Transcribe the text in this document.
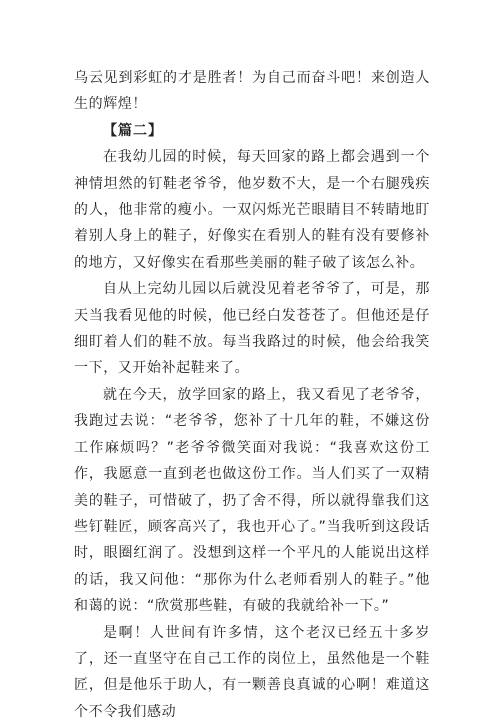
乌云见到彩虹的才是胜者！为自己而奋斗吧！来创造人生的辉煌！

【篇二】

在我幼儿园的时候，每天回家的路上都会遇到一个神情坦然的钉鞋老爷爷，他岁数不大，是一个右腿残疾的人，他非常的瘦小。一双闪烁光芒眼睛目不转睛地盯着别人身上的鞋子，好像实在看别人的鞋有没有要修补的地方，又好像实在看那些美丽的鞋子破了该怎么补。

自从上完幼儿园以后就没见着老爷爷了，可是，那天当我看见他的时候，他已经白发苍苍了。但他还是仔细盯着人们的鞋不放。每当我路过的时候，他会给我笑一下，又开始补起鞋来了。

就在今天，放学回家的路上，我又看见了老爷爷，我跑过去说：“老爷爷，您补了十几年的鞋，不嫌这份工作麻烦吗？”老爷爷微笑面对我说：“我喜欢这份工作，我愿意一直到老也做这份工作。当人们买了一双精美的鞋子，可惜破了，扔了舍不得，所以就得靠我们这些钉鞋匠，顾客高兴了，我也开心了。”当我听到这段话时，眼圈红润了。没想到这样一个平凡的人能说出这样的话，我又问他：“那你为什么老师看别人的鞋子。”他和蔼的说：“欣赏那些鞋，有破的我就给补一下。”

是啊！人世间有许多情，这个老汉已经五十多岁了，还一直坚守在自己工作的岗位上，虽然他是一个鞋匠，但是他乐于助人，有一颗善良真诚的心啊！难道这个不令我们感动
